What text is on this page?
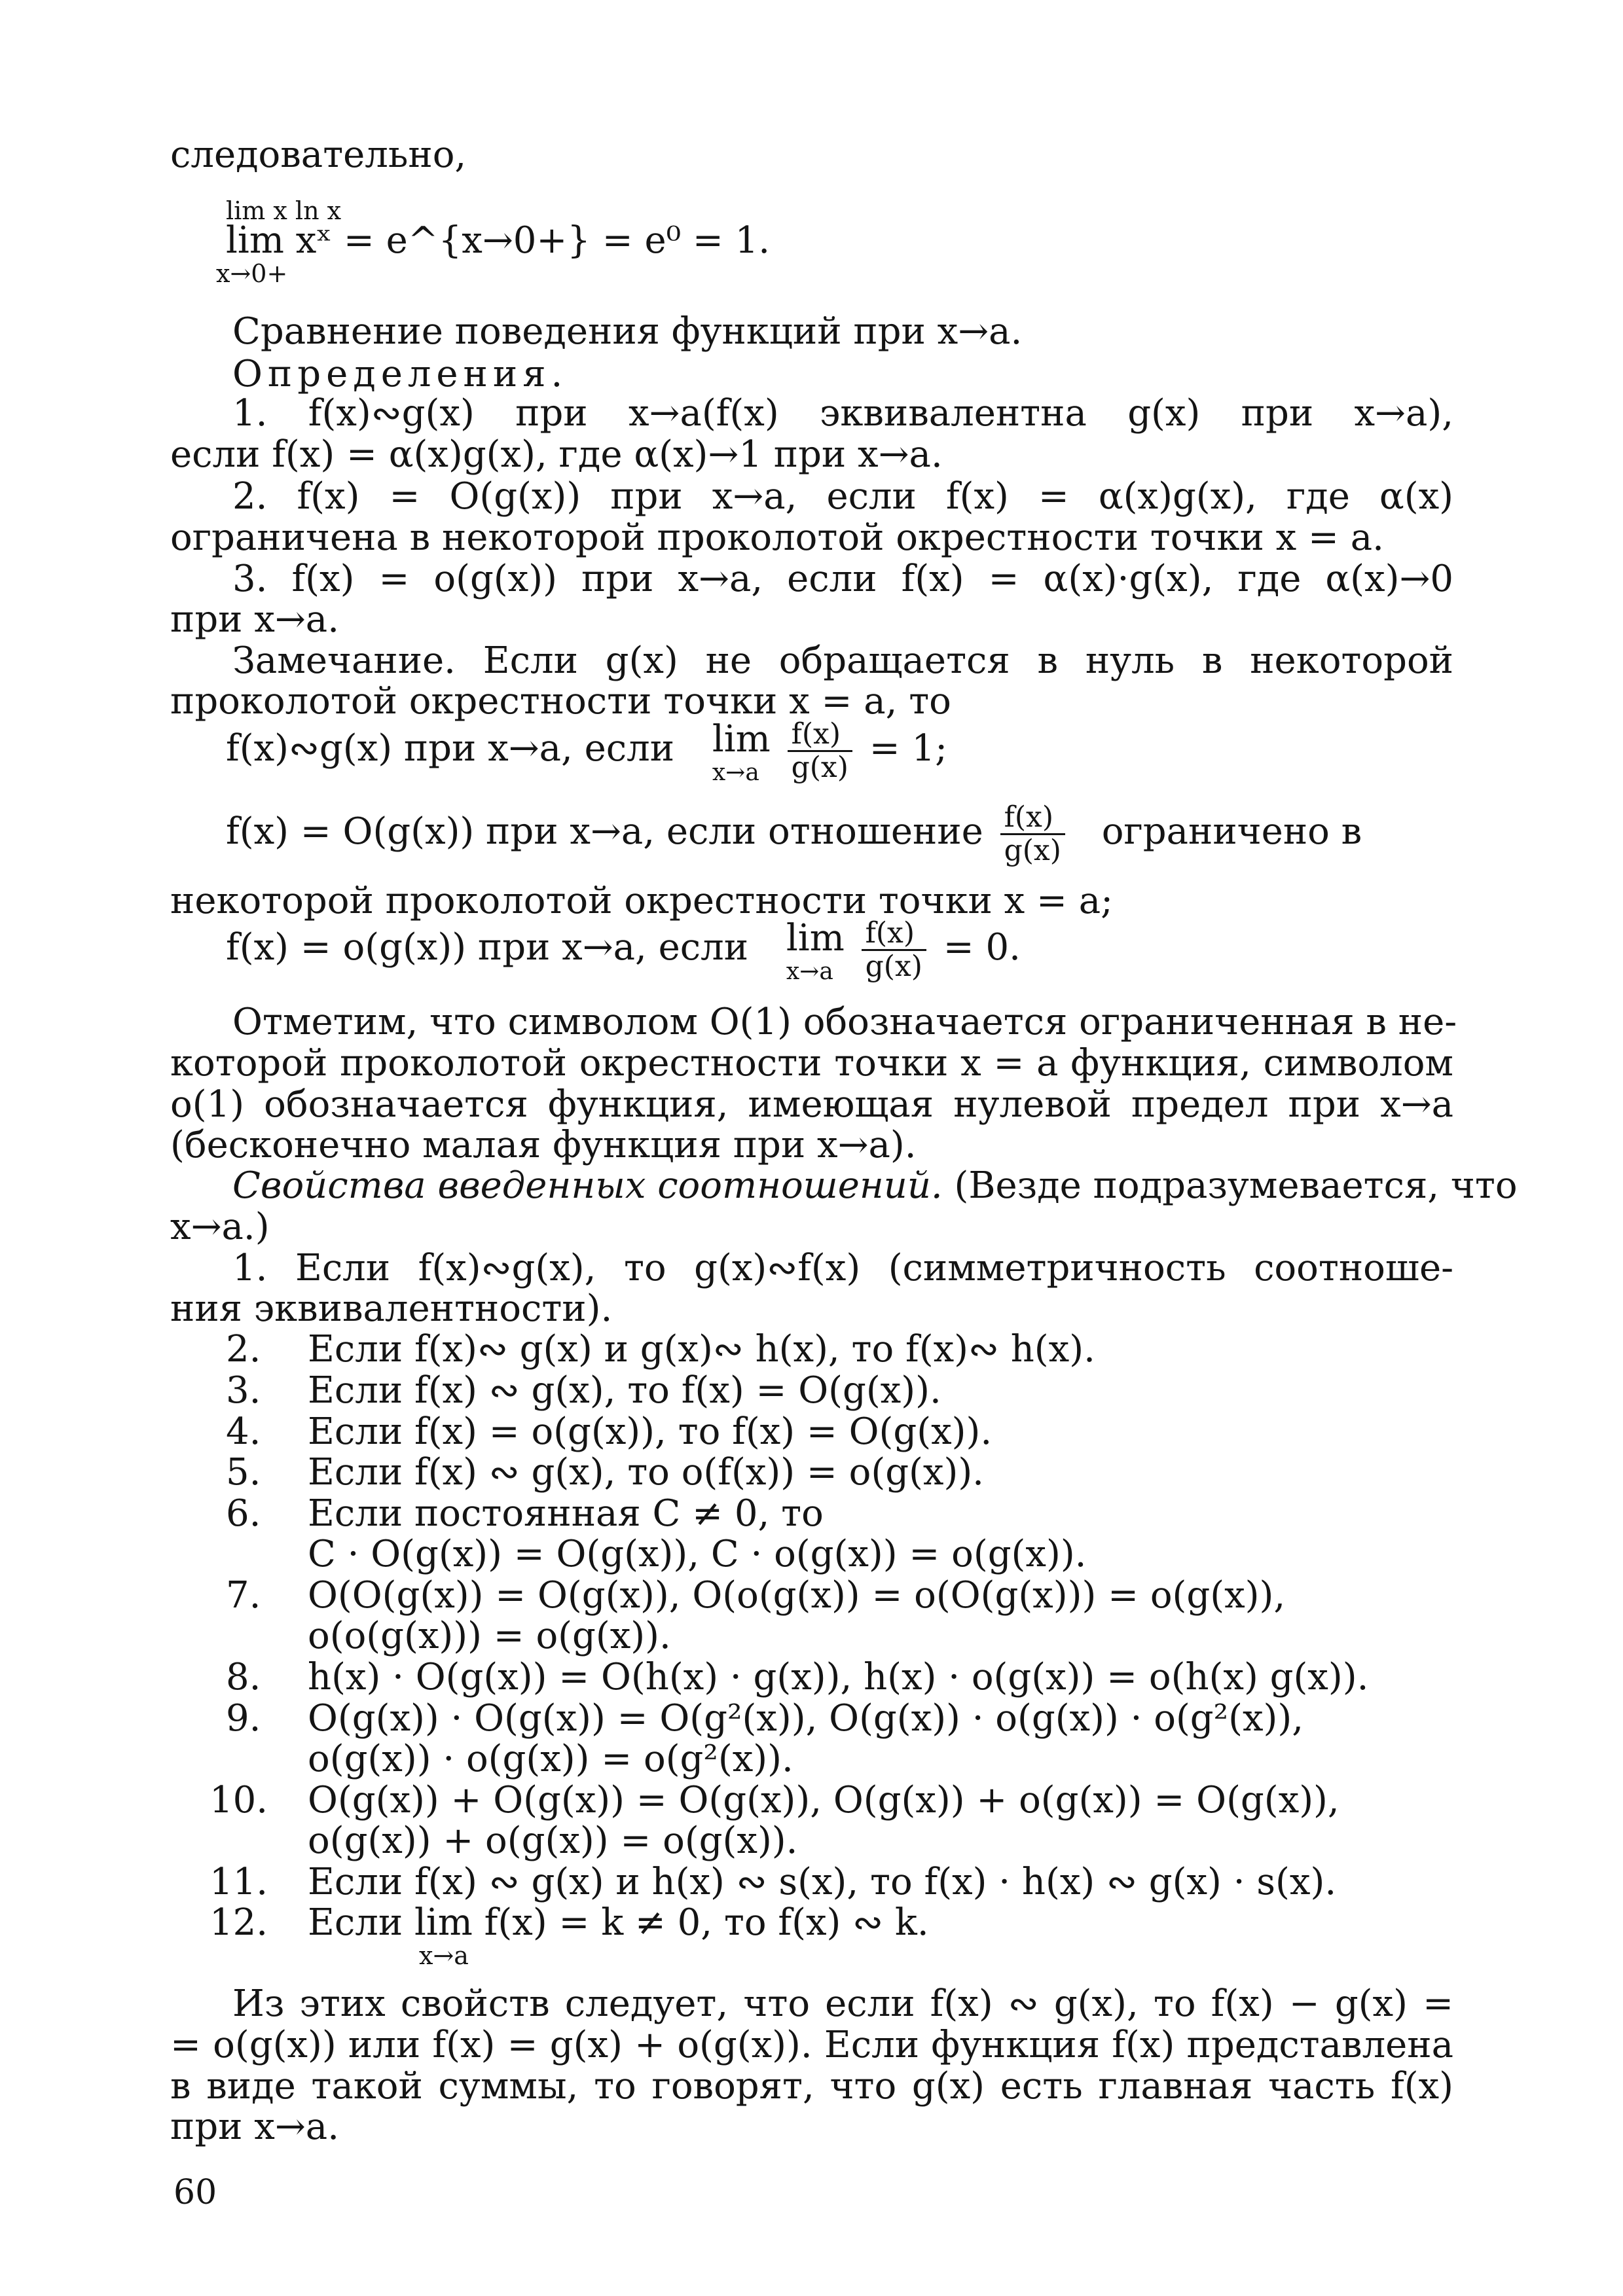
следовательно,
lim x ln x
lim xˣ = e^{x→0+} = e⁰ = 1.
x→0+
Сравнение поведения функций при x→a.
Определения.
1. f(x)∾g(x) при x→a(f(x) эквивалентна g(x) при x→a),
если f(x) = α(x)g(x), где α(x)→1 при x→a.
2. f(x) = O(g(x)) при x→a, если f(x) = α(x)g(x), где α(x)
ограничена в некоторой проколотой окрестности точки x = a.
3. f(x) = o(g(x)) при x→a, если f(x) = α(x)·g(x), где α(x)→0
при x→a.
Замечание. Если g(x) не обращается в нуль в некоторой
проколотой окрестности точки x = a, то
f(x)∾g(x) при x→a, если lim
x→a
$\frac{f(x)}{g(x)} = 1$;
f(x) = O(g(x)) при x→a, если отношение $\frac{f(x)}{g(x)}$ ограничено в
некоторой проколотой окрестности точки x = a;
f(x) = o(g(x)) при x→a, если lim
x→a
$\frac{f(x)}{g(x)} = 0$.
Отметим, что символом O(1) обозначается ограниченная в не-
которой проколотой окрестности точки x = a функция, символом
o(1) обозначается функция, имеющая нулевой предел при x→a
(бесконечно малая функция при x→a).
Свойства введенных соотношений. (Везде подразумевается, что
x→a.)
1. Если f(x)∾g(x), то g(x)∾f(x) (симметричность соотноше-
ния эквивалентности).
2. Если f(x)∾ g(x) и g(x)∾ h(x), то f(x)∾ h(x).
3. Если f(x) ∾ g(x), то f(x) = O(g(x)).
4. Если f(x) = o(g(x)), то f(x) = O(g(x)).
5. Если f(x) ∾ g(x), то o(f(x)) = o(g(x)).
6. Если постоянная C ≠ 0, то
C · O(g(x)) = O(g(x)), C · o(g(x)) = o(g(x)).
7. O(O(g(x)) = O(g(x)), O(o(g(x)) = o(O(g(x))) = o(g(x)),
o(o(g(x))) = o(g(x)).
8. h(x) · O(g(x)) = O(h(x) · g(x)), h(x) · o(g(x)) = o(h(x) g(x)).
9. O(g(x)) · O(g(x)) = O(g²(x)), O(g(x)) · o(g(x)) · o(g²(x)),
o(g(x)) · o(g(x)) = o(g²(x)).
10. O(g(x)) + O(g(x)) = O(g(x)), O(g(x)) + o(g(x)) = O(g(x)),
o(g(x)) + o(g(x)) = o(g(x)).
11. Если f(x) ∾ g(x) и h(x) ∾ s(x), то f(x) · h(x) ∾ g(x) · s(x).
12. Если lim f(x) = k ≠ 0, то f(x) ∾ k.
x→a
Из этих свойств следует, что если f(x) ∾ g(x), то f(x) − g(x) =
= o(g(x)) или f(x) = g(x) + o(g(x)). Если функция f(x) представлена
в виде такой суммы, то говорят, что g(x) есть главная часть f(x)
при x→a.
60
